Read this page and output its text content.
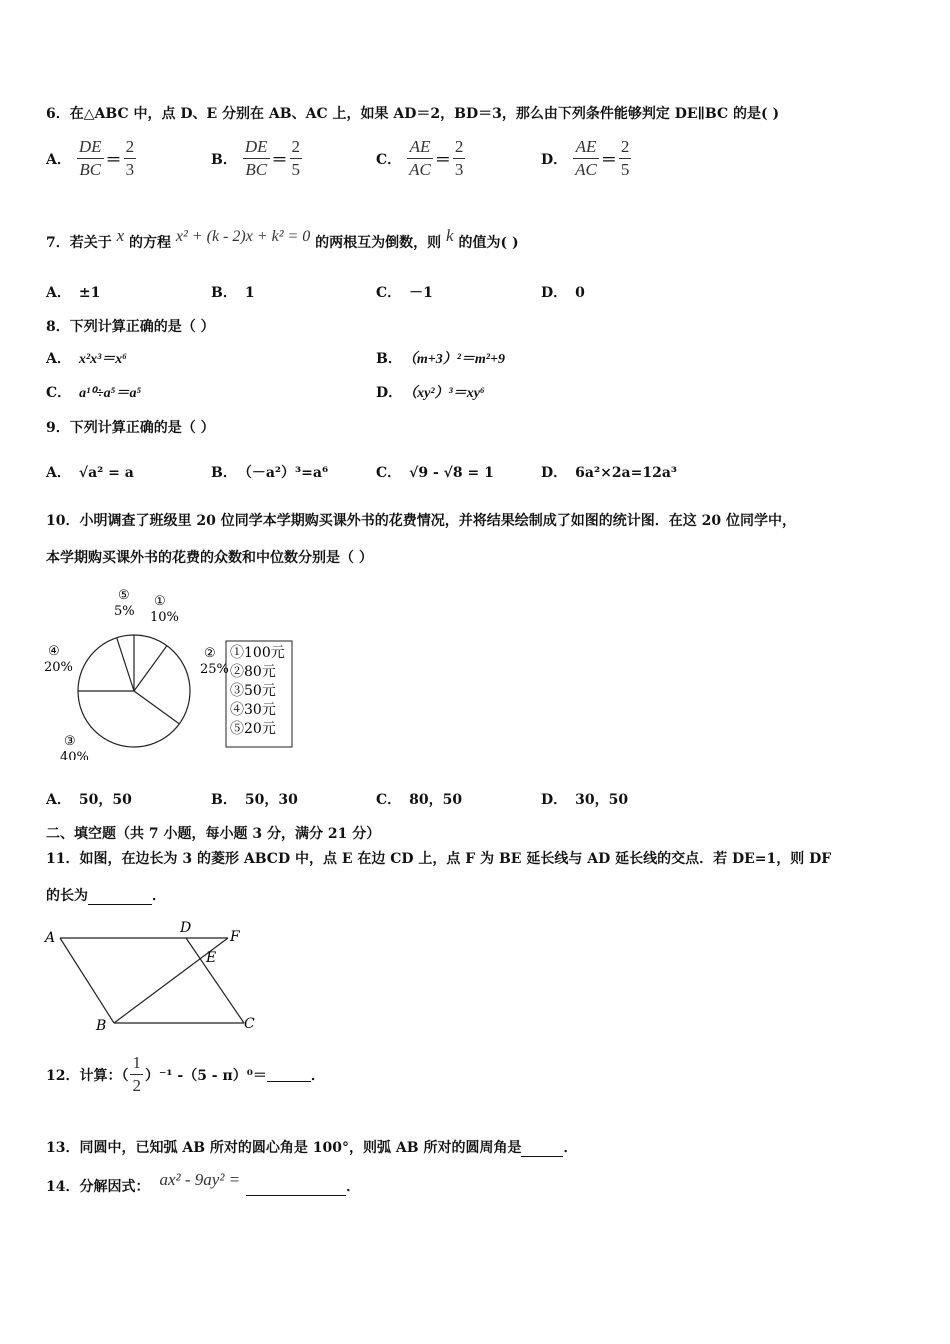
6．在△ABC 中，点 D、E 分别在 AB、AC 上，如果 AD＝2，BD＝3，那么由下列条件能够判定 DE∥BC 的是( )
A． $\frac{DE}{BC} = \frac{2}{3}$	B． $\frac{DE}{BC} = \frac{2}{5}$	C． $\frac{AE}{AC} = \frac{2}{3}$	D． $\frac{AE}{AC} = \frac{2}{5}$
7．若关于 x 的方程 x² + (k - 2)x + k² = 0 的两根互为倒数，则 k 的值为( )
A． ±1	B． 1	C． －1	D． 0
8．下列计算正确的是（ ）
A． x²x³＝x⁶	B． （m+3）²＝m²+9
C． a¹⁰÷a⁵＝a⁵	D． （xy²）³＝xy⁶
9．下列计算正确的是（ ）
A． √a² = a	B． （－a²）³=a⁶	C． √9 - √8 = 1	D． 6a²×2a=12a³
10．小明调查了班级里 20 位同学本学期购买课外书的花费情况，并将结果绘制成了如图的统计图．在这 20 位同学中，
本学期购买课外书的花费的众数和中位数分别是（ ）
①100元
②80元
③50元
④30元
⑤20元
①
10%
②
25%
③
40%
④
20%
⑤
5%
A． 50，50	B． 50，30	C． 80，50	D． 30，50
二、填空题（共 7 小题，每小题 3 分，满分 21 分）
11．如图，在边长为 3 的菱形 ABCD 中，点 E 在边 CD 上，点 F 为 BE 延长线与 AD 延长线的交点．若 DE=1，则 DF
的长为	．
A
D
F
E
B	C
12．计算：（ $\frac{1}{2} )^{-1}$ -（5 - π）⁰＝	．
13．同圆中，已知弧 AB 所对的圆心角是 100°，则弧 AB 所对的圆周角是	．
14．分解因式： ax² - 9ay² =	．
